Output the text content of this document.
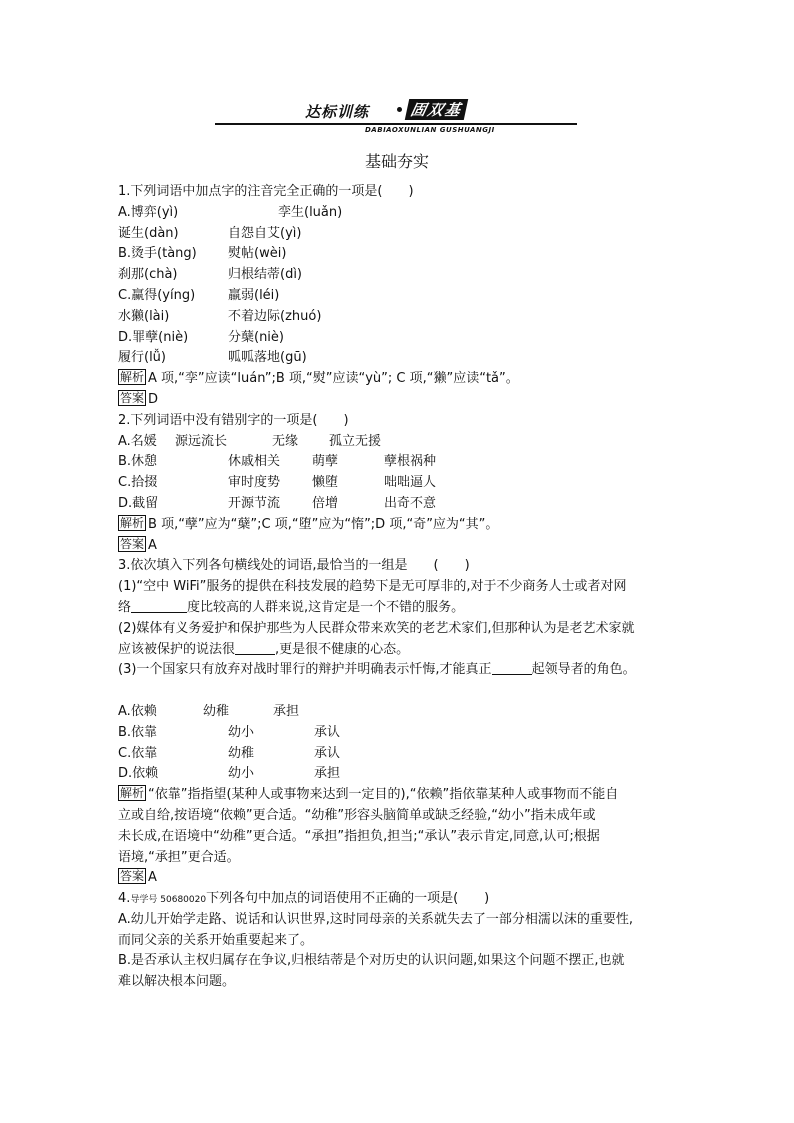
达标训练	固双基
DABIAOXUNLIAN GUSHUANGJI
基础夯实
1.下列词语中加点字的注音完全正确的一项是(　　)
A.博弈(yì)	孪生(luǎn)
诞生(dàn)	自怨自艾(yì)
B.烫手(tàng) 熨帖(wèi)
刹那(chà)	归根结蒂(dì)
C.赢得(yíng)	羸弱(léi)
水獭(lài)	不着边际(zhuó)
D.罪孽(niè)	分蘖(niè)
履行(lǚ)	呱呱落地(gū)
解析 A 项,“孪”应读“luán”;B 项,“熨”应读“yù”; C 项,“獭”应读“tǎ”。
答案 D
2.下列词语中没有错别字的一项是(　　)
A.名媛 源远流长	无缘 孤立无援
B.休憩	休戚相关 萌孽	孽根祸种
C.拾掇	审时度势 懒堕	咄咄逼人
D.截留	开源节流 倍增	出奇不意
解析 B 项,“孽”应为“蘖”;C 项,“堕”应为“惰”;D 项,“奇”应为“其”。
答案 A
3.依次填入下列各句横线处的词语,最恰当的一组是　　(　　)
(1)“空中 WiFi”服务的提供在科技发展的趋势下是无可厚非的,对于不少商务人士或者对网
络	度比较高的人群来说,这肯定是一个不错的服务。
(2)媒体有义务爱护和保护那些为人民群众带来欢笑的老艺术家们,但那种认为是老艺术家就
应该被保护的说法很	,更是很不健康的心态。
(3)一个国家只有放弃对战时罪行的辩护并明确表示忏悔,才能真正	起领导者的角色。
A.依赖	幼稚	承担
B.依靠	幼小	承认
C.依靠	幼稚	承认
D.依赖	幼小	承担
解析 “依靠”指指望(某种人或事物来达到一定目的),“依赖”指依靠某种人或事物而不能自
立或自给,按语境“依赖”更合适。“幼稚”形容头脑简单或缺乏经验,“幼小”指未成年或
未长成,在语境中“幼稚”更合适。“承担”指担负,担当;“承认”表示肯定,同意,认可;根据
语境,“承担”更合适。
答案 A
4.导学号 50680020下列各句中加点的词语使用不正确的一项是(　　)
A.幼儿开始学走路、说话和认识世界,这时同母亲的关系就失去了一部分相濡以沫的重要性,
而同父亲的关系开始重要起来了。
B.是否承认主权归属存在争议,归根结蒂是个对历史的认识问题,如果这个问题不摆正,也就
难以解决根本问题。
